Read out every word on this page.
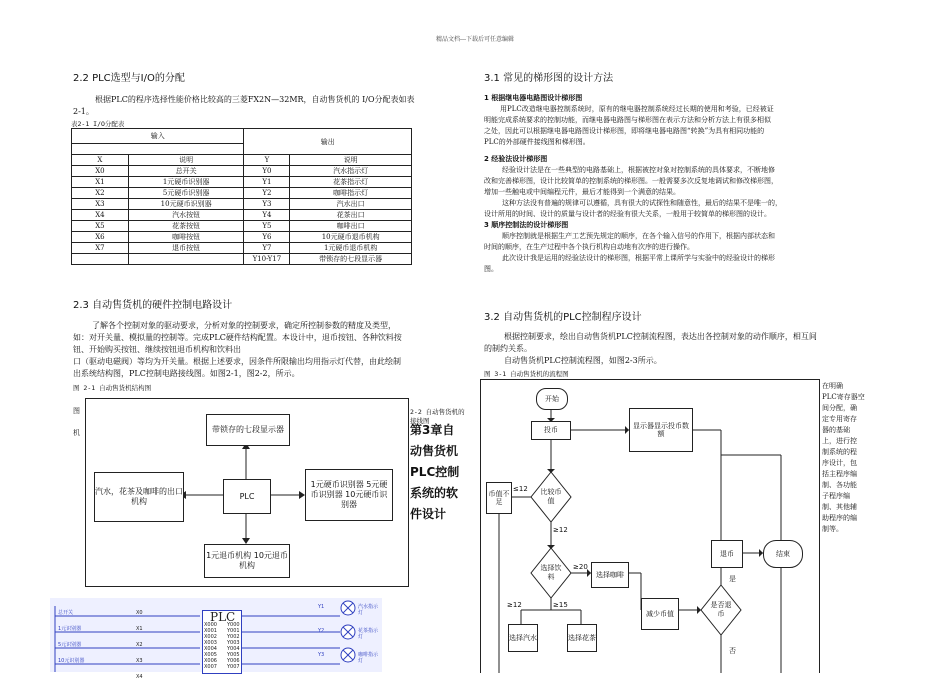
精品文档---下载后可任意编辑
2.2 PLC选型与I/O的分配
根据PLC的程序选择性能价格比较高的三菱FX2N—32MR，自动售货机的 I/O分配表如表
2-1。
表2-1 I/O分配表
输入		输出	

X	说明	Y	说明
X0	总开关	Y0	汽水指示灯
X1	1元硬币识别器	Y1	花茶指示灯
X2	5元硬币识别器	Y2	咖啡指示灯
X3	10元硬币识别器	Y3	汽水出口
X4	汽水按钮	Y4	花茶出口
X5	花茶按钮	Y5	咖啡出口
X6	咖啡按钮	Y6	10元硬币退币机构
X7	退币按钮	Y7	1元硬币退币机构
		Y10-Y17	带锁存的七段显示器
2.3 自动售货机的硬件控制电路设计
了解各个控制对象的驱动要求，分析对象的控制要求，确定所控制参数的精度及类型，
如：对开关量、模拟量的控制等。完成PLC硬件结构配置。本设计中，退币按钮、各种饮料按
钮、开始购买按钮、继续按钮退币机构和饮料出
口（驱动电磁阀）等均为开关量。根据上述要求，因条件所限输出均用指示灯代替，由此绘制
出系统结构图，PLC控制电路接线图。如图2-1，图2-2，所示。
图 2-1 自动售货机结构图
图
机	带锁存的七段显示器
PLC
汽水，花茶及咖啡的出口机构
1元硬币识别器 5元硬币识别器 10元硬币识别器
1元退币机构 10元退币机构
2-2 自动售货机的接线图
第3章自动售货机PLC控制系统的软件设计
PLC
总开关
1元识别器
5元识别器
10元识别器
X0
X1
X2
X3
X4
X000
X001
X002
X003
X004
X005
X006
X007
Y000
Y001
Y002
Y003
Y004
Y005
Y006
Y007
Y1
Y2
Y3
汽水指示灯
花茶指示灯
咖啡指示灯
3.1 常见的梯形图的设计方法
1 根据继电器电路图设计梯形图
用PLC改造继电器控制系统时，原有的继电器控制系统经过长期的使用和考验，已经被证
明能完成系统要求的控制功能，而继电器电路图与梯形图在表示方法和分析方法上有很多相似
之处，因此可以根据继电器电路图设计梯形图，即将继电器电路图“转换”为具有相同功能的
PLC的外部硬件接线图和梯形图。
2 经验法设计梯形图
经验设计法是在一些典型的电路基础上，根据被控对象对控制系统的具体要求，不断地修
改和完善梯形图，设计比较简单的控制系统的梯形图。一般需要多次反复地调试和修改梯形图，
增加一些触电或中间编程元件，最后才能得到一个满意的结果。
这种方法没有普遍的规律可以遵循，具有很大的试探性和随意性，最后的结果不是唯一的，
设计所用的时间、设计的质量与设计者的经验有很大关系，一般用于较简单的梯形图的设计。
3 顺序控制法的设计梯形图
顺序控制就是根据生产工艺预先规定的顺序，在各个输入信号的作用下，根据内部状态和
时间的顺序，在生产过程中各个执行机构自动地有次序的进行操作。
此次设计我是运用的经验法设计的梯形图，根据平常上课所学与实验中的经验设计的梯形
图。
3.2 自动售货机的PLC控制程序设计
根据控制要求，绘出自动售货机PLC控制流程图，表达出各控制对象的动作顺序，相互间
的制约关系。
自动售货机PLC控制流程图，如图2-3所示。
图 3-1 自动售货机的流程图
在明确
PLC寄存器空
间分配，确
定专用寄存
器的基础
上，进行控
制系统的程
序设计，包
括主程序编
制、各功能
子程序编
制、其他辅
助程序的编
制等。
开始
投币
显示器显示投币数额
币值不足
≤12 比较币值
≥12
选择饮料
≥20
选择咖啡
≥12	≥15
选择汽水	选择花茶
减少币值
是否退币
退币	结束
是
否
